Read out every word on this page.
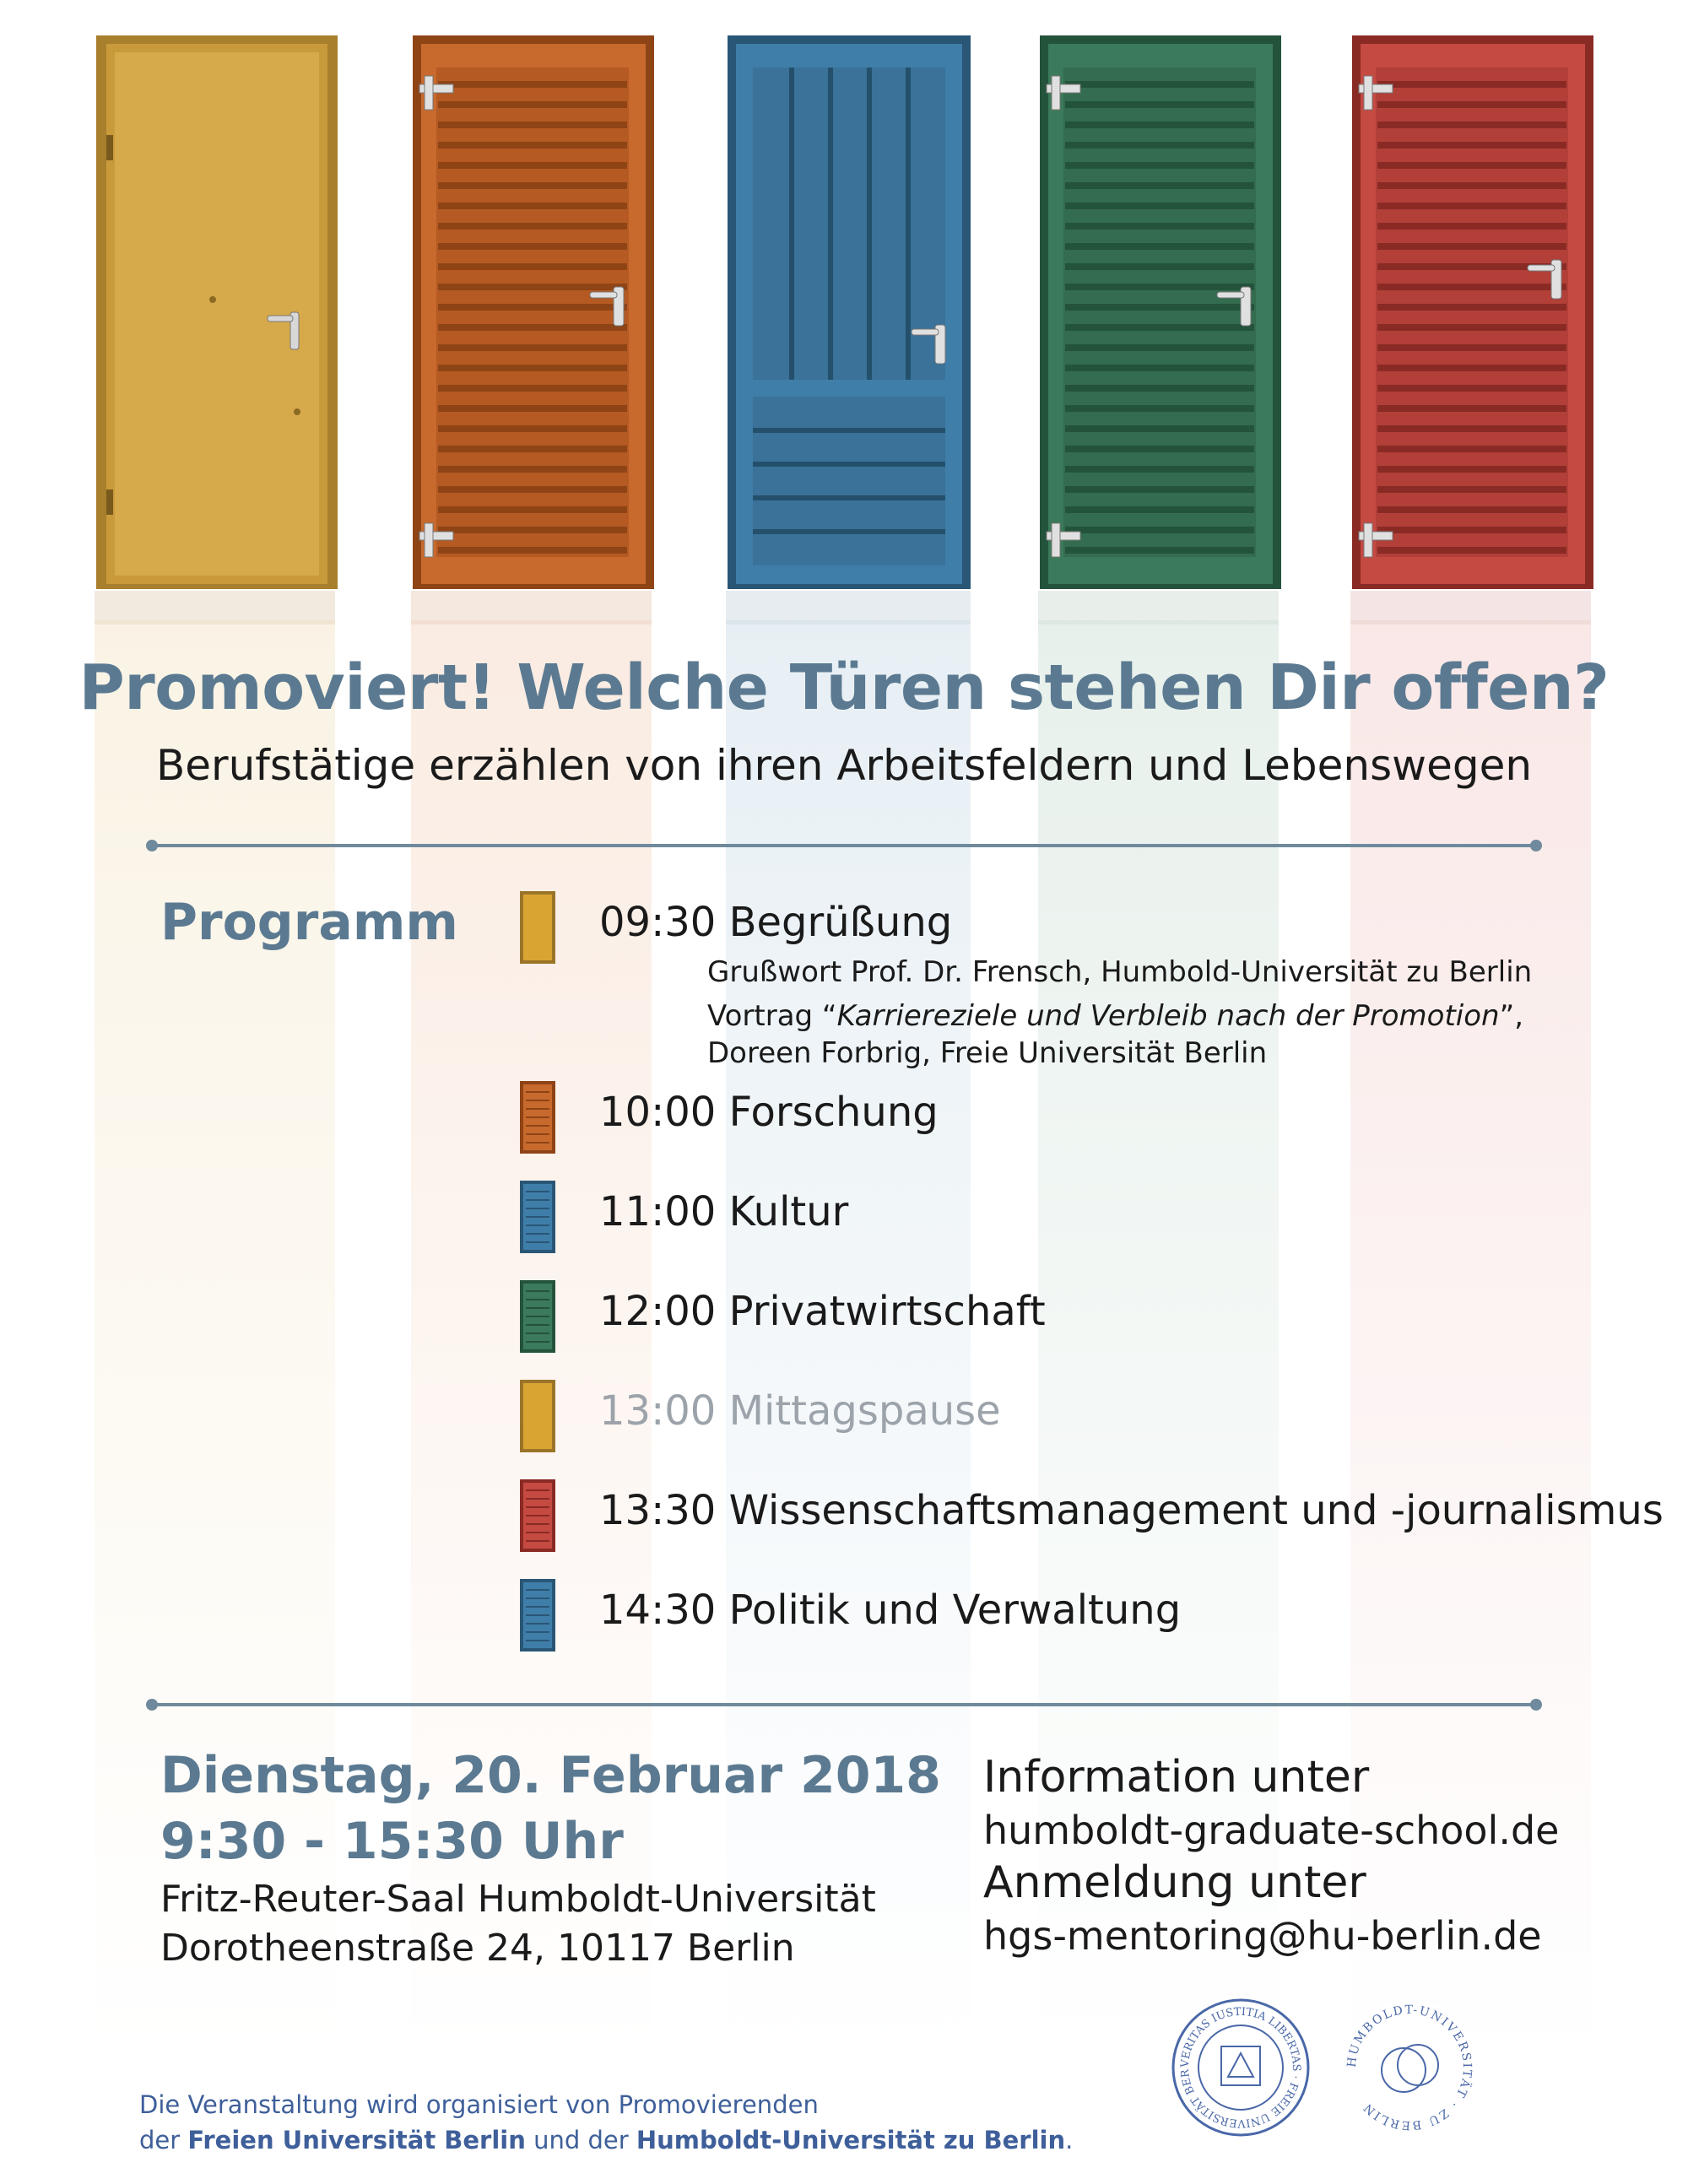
Promoviert! Welche Türen stehen Dir offen?

Berufstätige erzählen von ihren Arbeitsfeldern und Lebenswegen

Programm	09:30 Begrüßung
Grußwort Prof. Dr. Frensch, Humbold-Universität zu Berlin
Vortrag “Karriereziele und Verbleib nach der Promotion”,
Doreen Forbrig, Freie Universität Berlin
10:00 Forschung
11:00 Kultur
12:00 Privatwirtschaft
13:00 Mittagspause
13:30 Wissenschaftsmanagement und -journalismus
14:30 Politik und Verwaltung
Dienstag, 20. Februar 2018
9:30 - 15:30 Uhr
Fritz-Reuter-Saal Humboldt-Universität
Dorotheenstraße 24, 10117 Berlin
Information unter
humboldt-graduate-school.de
Anmeldung unter
hgs-mentoring@hu-berlin.de
VERITAS IUSTITIA LIBERTAS · FREIE UNIVERSITÄT BER
HUMBOLDT-UNIVERSITÄT · ZU BERLIN
Die Veranstaltung wird organisiert von Promovierenden
der Freien Universität Berlin und der Humboldt-Universität zu Berlin.
